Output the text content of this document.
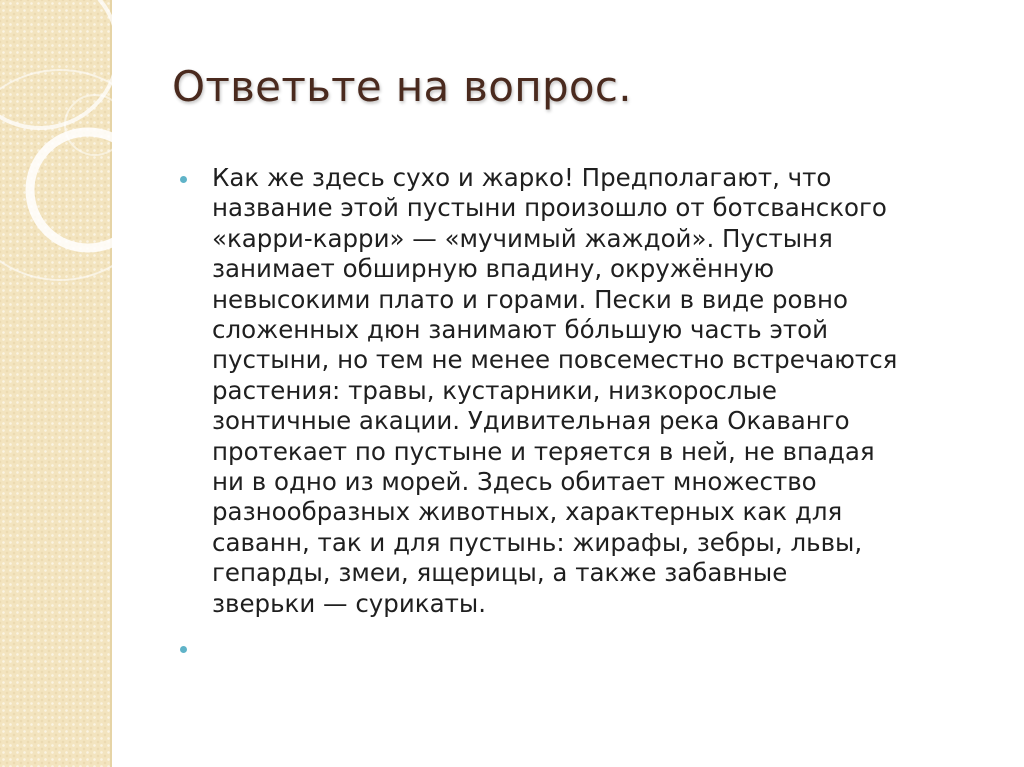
Ответьте на вопрос.

Как же здесь сухо и жарко! Предполагают, что
название этой пустыни произошло от ботсванского
«карри-карри» — «мучимый жаждой». Пустыня
занимает обширную впадину, окружённую
невысокими плато и горами. Пески в виде ровно
сложенных дюн занимают бóльшую часть этой
пустыни, но тем не менее повсеместно встречаются
растения: травы, кустарники, низкорослые
зонтичные акации. Удивительная река Окаванго
протекает по пустыне и теряется в ней, не впадая
ни в одно из морей. Здесь обитает множество
разнообразных животных, характерных как для
саванн, так и для пустынь: жирафы, зебры, львы,
гепарды, змеи, ящерицы, а также забавные
зверьки — сурикаты.
